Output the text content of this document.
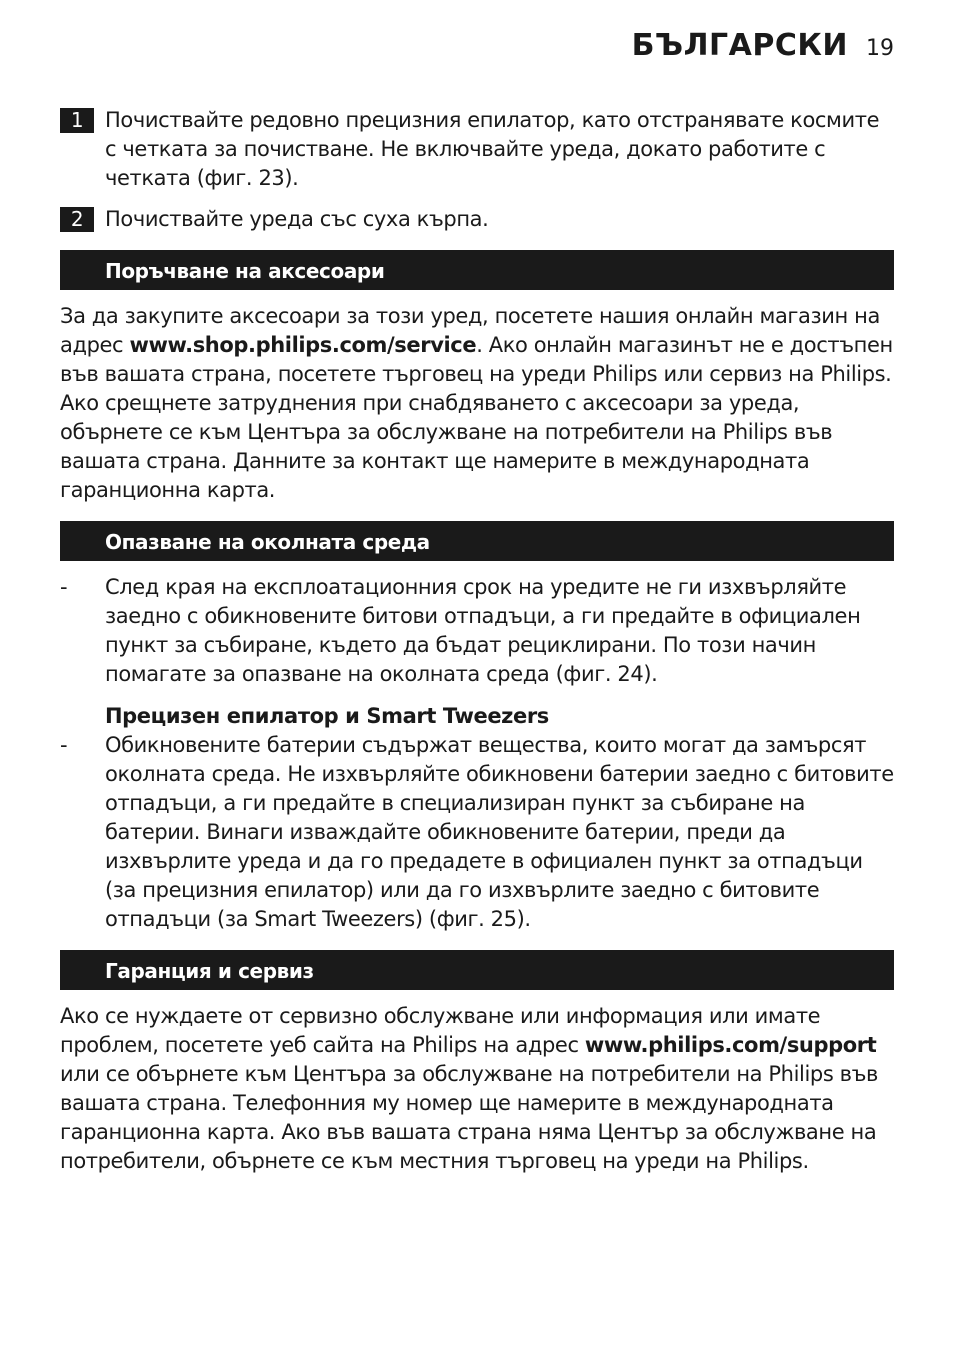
БЪЛГАРСКИ 19
1	Почиствайте редовно прецизния епилатор, като отстранявате космите с четката за почистване. Не включвайте уреда, докато работите с четката (фиг. 23).
2	Почиствайте уреда със суха кърпа.
Поръчване на аксесоари

За да закупите аксесоари за този уред, посетете нашия онлайн магазин на адрес www.shop.philips.com/service. Ако онлайн магазинът не е достъпен във вашата страна, посетете търговец на уреди Philips или сервиз на Philips. Ако срещнете затруднения при снабдяването с аксесоари за уреда, обърнете се към Центъра за обслужване на потребители на Philips във вашата страна. Данните за контакт ще намерите в международната гаранционна карта.

Опазване на околната среда
-	След края на експлоатационния срок на уредите не ги изхвърляйте заедно с обикновените битови отпадъци, а ги предайте в официален пункт за събиране, където да бъдат рециклирани. По този начин помагате за опазване на околната среда (фиг. 24).
Прецизен епилатор и Smart Tweezers
-	Обикновените батерии съдържат вещества, които могат да замърсят околната среда. Не изхвърляйте обикновени батерии заедно с битовите отпадъци, а ги предайте в специализиран пункт за събиране на батерии. Винаги изваждайте обикновените батерии, преди да изхвърлите уреда и да го предадете в официален пункт за отпадъци (за прецизния епилатор) или да го изхвърлите заедно с битовите отпадъци (за Smart Tweezers) (фиг. 25).
Гаранция и сервиз

Ако се нуждаете от сервизно обслужване или информация или имате проблем, посетете уеб сайта на Philips на адрес www.philips.com/support или се обърнете към Центъра за обслужване на потребители на Philips във вашата страна. Телефонния му номер ще намерите в международната гаранционна карта. Ако във вашата страна няма Център за обслужване на потребители, обърнете се към местния търговец на уреди на Philips.
